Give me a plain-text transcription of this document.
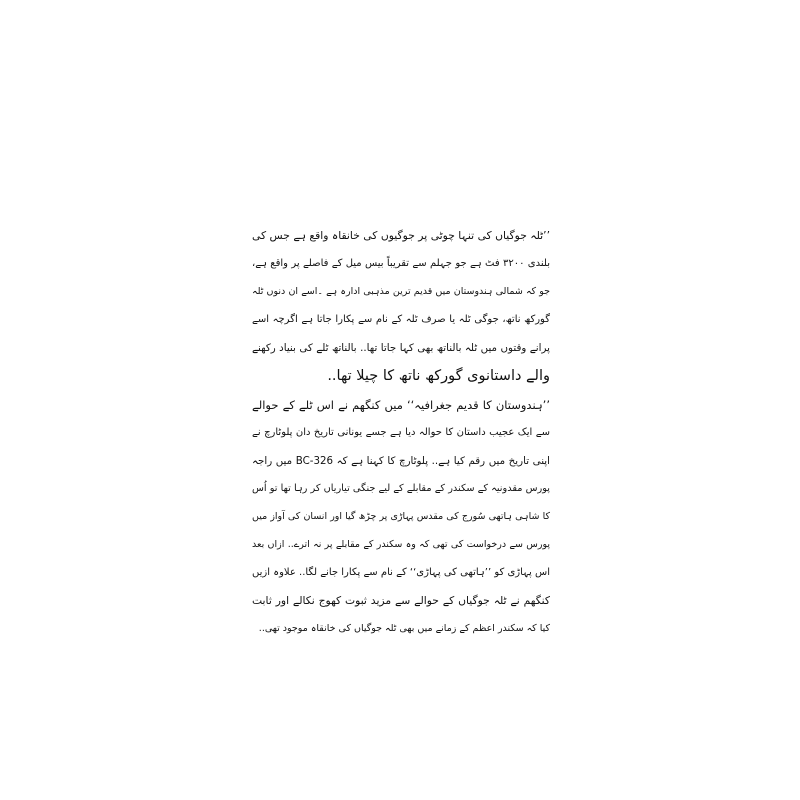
’’ٹلہ جوگیاں کی تنہا چوٹی پر جوگیوں کی خانقاہ واقع ہے جس کی
بلندی ۳۲۰۰ فٹ ہے جو جہلم سے تقریباً بیس میل کے فاصلے پر واقع ہے،
جو کہ شمالی ہندوستان میں قدیم ترین مذہبی ادارہ ہے ۔اسے ان دنوں ٹلہ
گورکھ ناتھ، جوگی ٹلہ یا صرف ٹلہ کے نام سے پکارا جاتا ہے اگرچہ اسے
پرانے وقتوں میں ٹلہ بالناتھ بھی کہا جاتا تھا.. بالناتھ ٹلے کی بنیاد رکھنے
والے داستانوی گورکھ ناتھ کا چیلا تھا..
’’ہندوستان کا قدیم جغرافیہ‘‘ میں کنگھم نے اس ٹلے کے حوالے
سے ایک عجیب داستان کا حوالہ دیا ہے جسے یونانی تاریخ دان پلوٹارچ نے
اپنی تاریخ میں رقم کیا ہے.. پلوٹارچ کا کہنا ہے کہ 326-BC میں راجہ
پورس مقدونیہ کے سکندر کے مقابلے کے لیے جنگی تیاریاں کر رہا تھا تو اُس
کا شاہی ہاتھی سُورج کی مقدس پہاڑی پر چڑھ گیا اور انسان کی آواز میں
پورس سے درخواست کی تھی کہ وہ سکندر کے مقابلے پر نہ اترے.. ازاں بعد
اس پہاڑی کو ’’ہاتھی کی پہاڑی‘‘ کے نام سے پکارا جانے لگا.. علاوہ ازیں
کنگھم نے ٹلہ جوگیاں کے حوالے سے مزید ثبوت کھوج نکالے اور ثابت
کیا کہ سکندر اعظم کے زمانے میں بھی ٹلہ جوگیاں کی خانقاہ موجود تھی..
